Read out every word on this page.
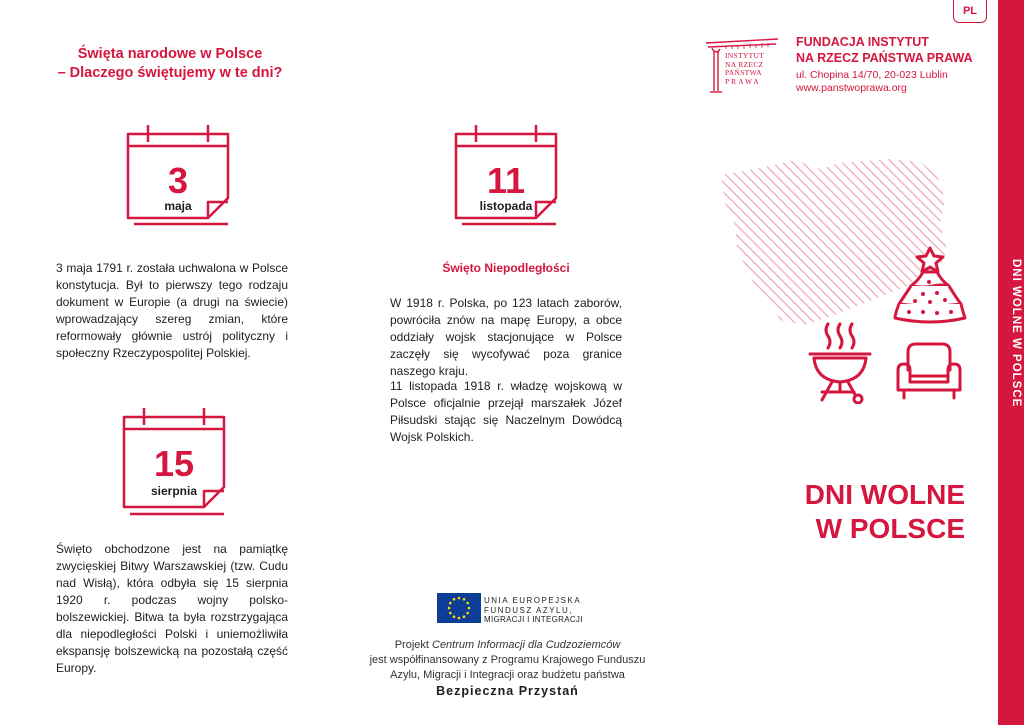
PL
Święta narodowe w Polsce
– Dlaczego świętujemy w te dni?
3
maja
3 maja 1791 r. została uchwalona w Polsce konstytucja. Był to pierwszy tego rodzaju dokument w Europie (a drugi na świecie) wprowadzający szereg zmian, które reformowały głównie ustrój polityczny i społeczny Rzeczypospolitej Polskiej.
11
listopada
Święto Niepodległości
W 1918 r. Polska, po 123 latach zaborów, powróciła znów na mapę Europy, a obce oddziały wojsk stacjonujące w Polsce zaczęły się wycofywać poza granice naszego kraju.
11 listopada 1918 r. władzę wojskową w Polsce oficjalnie przejął marszałek Józef Piłsudski stając się Naczelnym Dowódcą Wojsk Polskich.
15
sierpnia
Święto obchodzone jest na pamiątkę zwycięskiej Bitwy Warszawskiej (tzw. Cudu nad Wisłą), która odbyła się 15 sierpnia 1920 r. podczas wojny polsko-bolszewickiej. Bitwa ta była rozstrzygająca dla niepodległości Polski i uniemożliwiła ekspansję bolszewicką na pozostałą część Europy.
INSTYTUT
NA RZECZ
PAŃSTWA
PRAWA
FUNDACJA INSTYTUT
NA RZECZ PAŃSTWA PRAWA
ul. Chopina 14/70, 20-023 Lublin
www.panstwoprawa.org
DNI WOLNE
W POLSCE
DNI WOLNE W POLSCE
UNIA EUROPEJSKA
FUNDUSZ AZYLU,
MIGRACJI I INTEGRACJI
Projekt Centrum Informacji dla Cudzoziemców
jest współfinansowany z Programu Krajowego Funduszu
Azylu, Migracji i Integracji oraz budżetu państwa
Bezpieczna Przystań
